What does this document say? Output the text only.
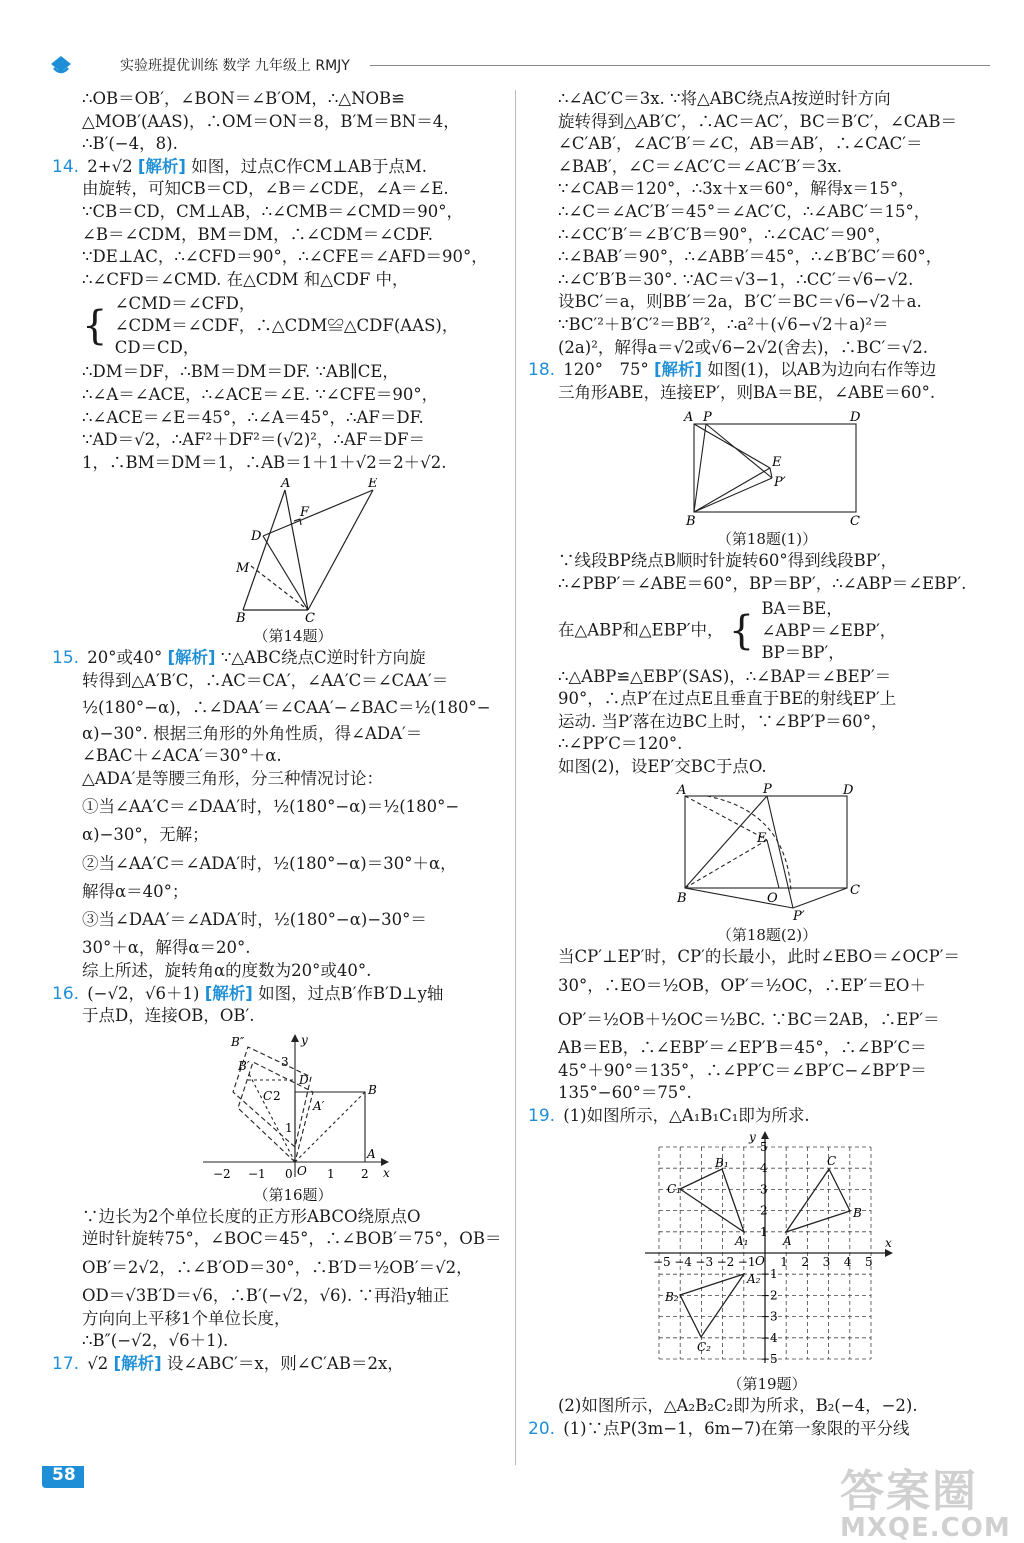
实验班提优训练 数学 九年级上 RMJY
∴OB＝OB′，∠BON＝∠B′OM，∴△NOB≌
△MOB′(AAS)，∴OM＝ON＝8，B′M＝BN＝4，
∴B′(−4，8).
14. 2+√2 [解析] 如图，过点C作CM⊥AB于点M.
由旋转，可知CB＝CD，∠B＝∠CDE，∠A＝∠E.
∵CB＝CD，CM⊥AB，∴∠CMB＝∠CMD＝90°，
∠B＝∠CDM，BM＝DM，∴∠CDM＝∠CDF.
∵DE⊥AC，∴∠CFD＝90°，∴∠CFE＝∠AFD＝90°，
∴∠CFD＝∠CMD. 在△CDM 和△CDF 中，
{ ∠CMD＝∠CFD，
∠CDM＝∠CDF，∴△CDM≌△CDF(AAS)，
CD＝CD，
∴DM＝DF，∴BM＝DM＝DF. ∵AB∥CE，
∴∠A＝∠ACE，∴∠ACE＝∠E. ∵∠CFE＝90°，
∴∠ACE＝∠E＝45°，∴∠A＝45°，∴AF＝DF.
∵AD＝√2，∴AF²＋DF²＝(√2)²，∴AF＝DF＝
1，∴BM＝DM＝1，∴AB＝1＋1＋√2＝2＋√2.
A	E
F
D
M
B	C
（第14题）
15. 20°或40° [解析] ∵△ABC绕点C逆时针方向旋
转得到△A′B′C，∴AC＝CA′，∠AA′C＝∠CAA′＝
½(180°−α)，∴∠DAA′＝∠CAA′−∠BAC＝½(180°−
α)−30°. 根据三角形的外角性质，得∠ADA′＝
∠BAC＋∠ACA′＝30°＋α.
△ADA′是等腰三角形，分三种情况讨论：
①当∠AA′C＝∠DAA′时，½(180°−α)＝½(180°−
α)−30°，无解；
②当∠AA′C＝∠ADA′时，½(180°−α)＝30°＋α，
解得α＝40°；
③当∠DAA′＝∠ADA′时，½(180°−α)−30°＝
30°＋α，解得α＝20°.
综上所述，旋转角α的度数为20°或40°.
16. (−√2，√6＋1) [解析] 如图，过点B′作B′D⊥y轴
于点D，连接OB，OB′.
y
x
B″
B′
B
A
A′
D
C
3
2
1
O
−2 −1 0	1 2
（第16题）
∵边长为2个单位长度的正方形ABCO绕原点O
逆时针旋转75°，∠BOC＝45°，∴∠BOB′＝75°，OB＝
OB′＝2√2，∴∠B′OD＝30°，∴B′D＝½OB′＝√2，
OD＝√3B′D＝√6，∴B′(−√2，√6). ∵再沿y轴正
方向向上平移1个单位长度，
∴B″(−√2，√6＋1).
17. √2 [解析] 设∠ABC′＝x，则∠C′AB＝2x，
∴∠AC′C＝3x. ∵将△ABC绕点A按逆时针方向
旋转得到△AB′C′，∴AC＝AC′，BC＝B′C′，∠CAB＝
∠C′AB′，∠AC′B′＝∠C，AB＝AB′，∴∠CAC′＝
∠BAB′，∠C＝∠AC′C＝∠AC′B′＝3x.
∵∠CAB＝120°，∴3x＋x＝60°，解得x＝15°，
∴∠C＝∠AC′B′＝45°＝∠AC′C，∴∠ABC′＝15°，
∴∠CC′B′＝∠B′C′B＝90°，∴∠CAC′＝90°，
∴∠BAB′＝90°，∴∠ABB′＝45°，∴∠B′BC′＝60°，
∴∠C′B′B＝30°. ∵AC＝√3−1，∴CC′＝√6−√2.
设BC′＝a，则BB′＝2a，B′C′＝BC＝√6−√2＋a.
∵BC′²＋B′C′²＝BB′²，∴a²＋(√6−√2＋a)²＝
(2a)²，解得a＝√2或√6−2√2(舍去)，∴BC′＝√2.
18. 120°　75° [解析] 如图(1)，以AB为边向右作等边
三角形ABE，连接EP′，则BA＝BE，∠ABE＝60°.
A P	D
E
P′
B	C
（第18题(1)）
∵线段BP绕点B顺时针旋转60°得到线段BP′，
∴∠PBP′＝∠ABE＝60°，BP＝BP′，∴∠ABP＝∠EBP′.
在△ABP和△EBP′中， { BA＝BE，
∠ABP＝∠EBP′，
BP＝BP′，
∴△ABP≌△EBP′(SAS)，∴∠BAP＝∠BEP′＝
90°，∴点P′在过点E且垂直于BE的射线EP′上
运动. 当P′落在边BC上时，∵∠BP′P＝60°，
∴∠PP′C＝120°.
如图(2)，设EP′交BC于点O.
A	P	D
E
B	O
P′
C
（第18题(2)）
当CP′⊥EP′时，CP′的长最小，此时∠EBO＝∠OCP′＝
30°，∴EO＝½OB，OP′＝½OC，∴EP′＝EO＋
OP′＝½OB＋½OC＝½BC. ∵BC＝2AB，∴EP′＝
AB＝EB，∴∠EBP′＝∠EP′B＝45°，∴∠BP′C＝
45°＋90°＝135°，∴∠PP′C＝∠BP′C−∠BP′P＝
135°−60°＝75°.
19. (1)如图所示，△A₁B₁C₁即为所求.
−5 −4 −3 −2 −1 1 2 3 4 5
5
4
3
2
1
−1
−2
−3
−4
−5
x
y
O
A
B
C
A₁
B₁
C₁
A₂
B₂
C₂
（第19题）
(2)如图所示，△A₂B₂C₂即为所求，B₂(−4，−2).
20. (1)∵点P(3m−1，6m−7)在第一象限的平分线
58	答案圈
MXQE.COM
